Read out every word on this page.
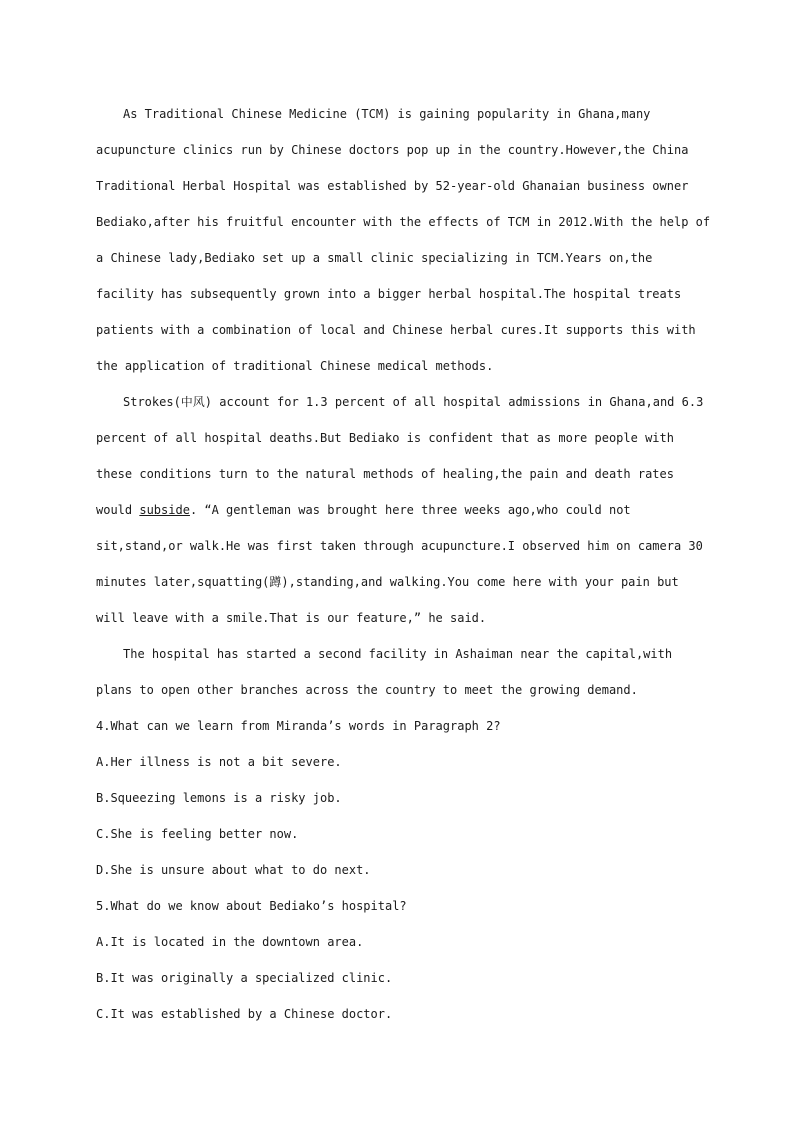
As Traditional Chinese Medicine (TCM) is gaining popularity in Ghana,many
acupuncture clinics run by Chinese doctors pop up in the country.However,the China
Traditional Herbal Hospital was established by 52-year-old Ghanaian business owner
Bediako,after his fruitful encounter with the effects of TCM in 2012.With the help of
a Chinese lady,Bediako set up a small clinic specializing in TCM.Years on,the
facility has subsequently grown into a bigger herbal hospital.The hospital treats
patients with a combination of local and Chinese herbal cures.It supports this with
the application of traditional Chinese medical methods.
Strokes(中风) account for 1.3 percent of all hospital admissions in Ghana,and 6.3
percent of all hospital deaths.But Bediako is confident that as more people with
these conditions turn to the natural methods of healing,the pain and death rates
would subside. “A gentleman was brought here three weeks ago,who could not
sit,stand,or walk.He was first taken through acupuncture.I observed him on camera 30
minutes later,squatting(蹲),standing,and walking.You come here with your pain but
will leave with a smile.That is our feature,” he said.
The hospital has started a second facility in Ashaiman near the capital,with
plans to open other branches across the country to meet the growing demand.
4.What can we learn from Miranda’s words in Paragraph 2?
A.Her illness is not a bit severe.
B.Squeezing lemons is a risky job.
C.She is feeling better now.
D.She is unsure about what to do next.
5.What do we know about Bediako’s hospital?
A.It is located in the downtown area.
B.It was originally a specialized clinic.
C.It was established by a Chinese doctor.
